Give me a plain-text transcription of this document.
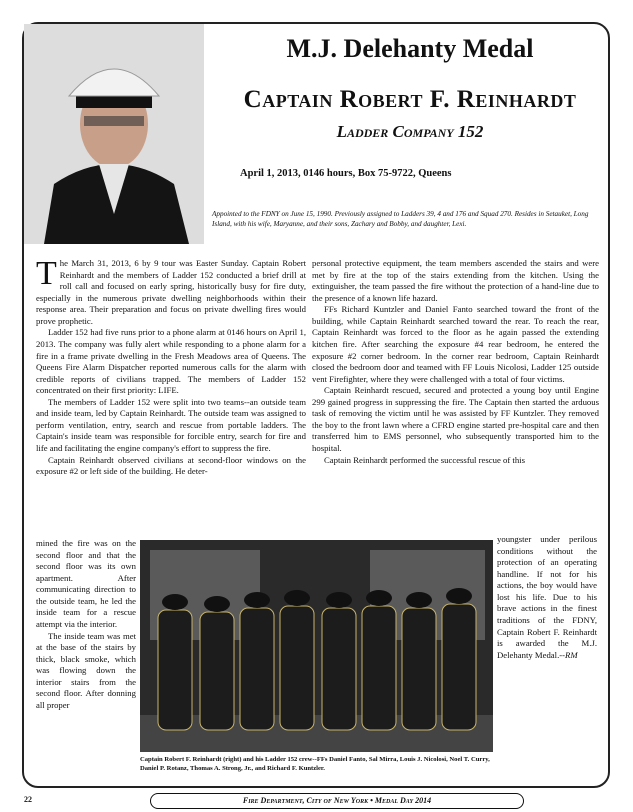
M.J. Delehanty Medal
Captain Robert F. Reinhardt
Ladder Company 152
April 1, 2013, 0146 hours, Box 75-9722, Queens
Appointed to the FDNY on June 15, 1990. Previously assigned to Ladders 39, 4 and 176 and Squad 270. Resides in Setauket, Long Island, with his wife, Maryanne, and their sons, Zachary and Bobby, and daughter, Lexi.

The March 31, 2013, 6 by 9 tour was Easter Sunday. Captain Robert Reinhardt and the members of Ladder 152 conducted a brief drill at roll call and focused on early spring, historically busy for fire duty, especially in the numerous private dwelling neighborhoods within their response area. Their preparation and focus on private dwelling fires would prove prophetic.

Ladder 152 had five runs prior to a phone alarm at 0146 hours on April 1, 2013. The company was fully alert while responding to a phone alarm for a fire in a frame private dwelling in the Fresh Meadows area of Queens. The Queens Fire Alarm Dispatcher reported numerous calls for the alarm with credible reports of civilians trapped. The members of Ladder 152 concentrated on their first priority: LIFE.

The members of Ladder 152 were split into two teams--an outside team and inside team, led by Captain Reinhardt. The outside team was assigned to perform ventilation, entry, search and rescue from portable ladders. The Captain's inside team was responsible for forcible entry, search for fire and life and facilitating the engine company's effort to suppress the fire.

Captain Reinhardt observed civilians at second-floor windows on the exposure #2 or left side of the building. He deter-

mined the fire was on the second floor and that the second floor was its own apartment. After communicating direction to the outside team, he led the inside team for a rescue attempt via the interior.

The inside team was met at the base of the stairs by thick, black smoke, which was flowing down the interior stairs from the second floor. After donning all proper

personal protective equipment, the team members ascended the stairs and were met by fire at the top of the stairs extending from the kitchen. Using the extinguisher, the team passed the fire without the protection of a hand-line due to the presence of a known life hazard.

FFs Richard Kuntzler and Daniel Fanto searched toward the front of the building, while Captain Reinhardt searched toward the rear. To reach the rear, Captain Reinhardt was forced to the floor as he again passed the extending kitchen fire. After searching the exposure #4 rear bedroom, he entered the exposure #2 corner bedroom. In the corner rear bedroom, Captain Reinhardt closed the bedroom door and teamed with FF Louis Nicolosi, Ladder 125 outside vent Firefighter, where they were challenged with a total of four victims.

Captain Reinhardt rescued, secured and protected a young boy until Engine 299 gained progress in suppressing the fire. The Captain then started the arduous task of removing the victim until he was assisted by FF Kuntzler. They removed the boy to the front lawn where a CFRD engine started pre-hospital care and then transferred him to EMS personnel, who subsequently transported him to the hospital.

Captain Reinhardt performed the successful rescue of this

youngster under perilous conditions without the protection of an operating handline. If not for his actions, the boy would have lost his life. Due to his brave actions in the finest traditions of the FDNY, Captain Robert F. Reinhardt is awarded the M.J. Delehanty Medal.--RM

Captain Robert F. Reinhardt (right) and his Ladder 152 crew--FFs Daniel Fanto, Sal Mirra, Louis J. Nicolosi, Noel T. Curry, Daniel P. Rotanz, Thomas A. Strong, Jr., and Richard F. Kuntzler.
22	Fire Department, City of New York • Medal Day 2014
